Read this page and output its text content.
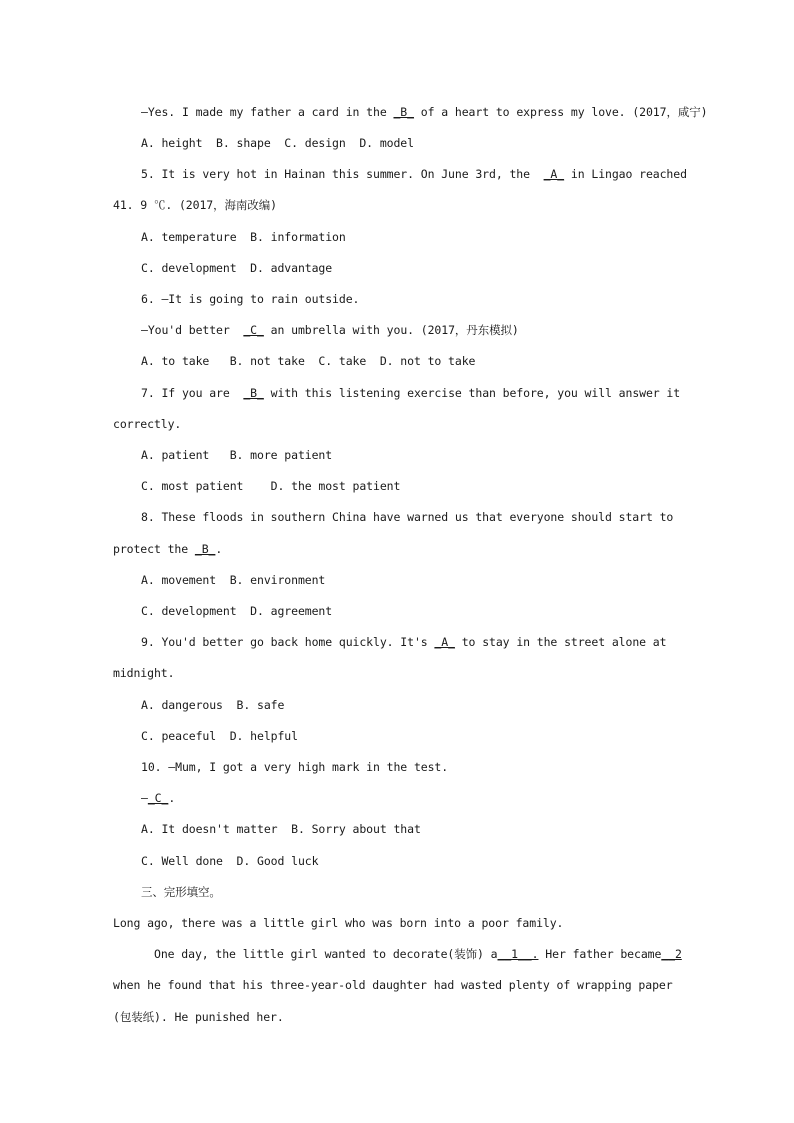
—Yes. I made my father a card in the _B_ of a heart to express my love. (2017，咸宁)
A. height  B. shape  C. design  D. model
5. It is very hot in Hainan this summer. On June 3rd, the  _A_ in Lingao reached
41. 9 ℃. (2017，海南改编)
A. temperature  B. information
C. development  D. advantage
6. —It is going to rain outside.
—You'd better  _C_ an umbrella with you. (2017，丹东模拟)
A. to take   B. not take  C. take  D. not to take
7. If you are  _B_ with this listening exercise than before, you will answer it
correctly.
A. patient   B. more patient
C. most patient    D. the most patient
8. These floods in southern China have warned us that everyone should start to
protect the _B_.
A. movement  B. environment
C. development  D. agreement
9. You'd better go back home quickly. It's _A_ to stay in the street alone at
midnight.
A. dangerous  B. safe
C. peaceful  D. helpful
10. —Mum, I got a very high mark in the test.
—_C_.
A. It doesn't matter  B. Sorry about that
C. Well done  D. Good luck
三、完形填空。
Long ago, there was a little girl who was born into a poor family.
One day, the little girl wanted to decorate(装饰) a__1__. Her father became__2
when he found that his three-year-old daughter had wasted plenty of wrapping paper
(包装纸). He punished her.
